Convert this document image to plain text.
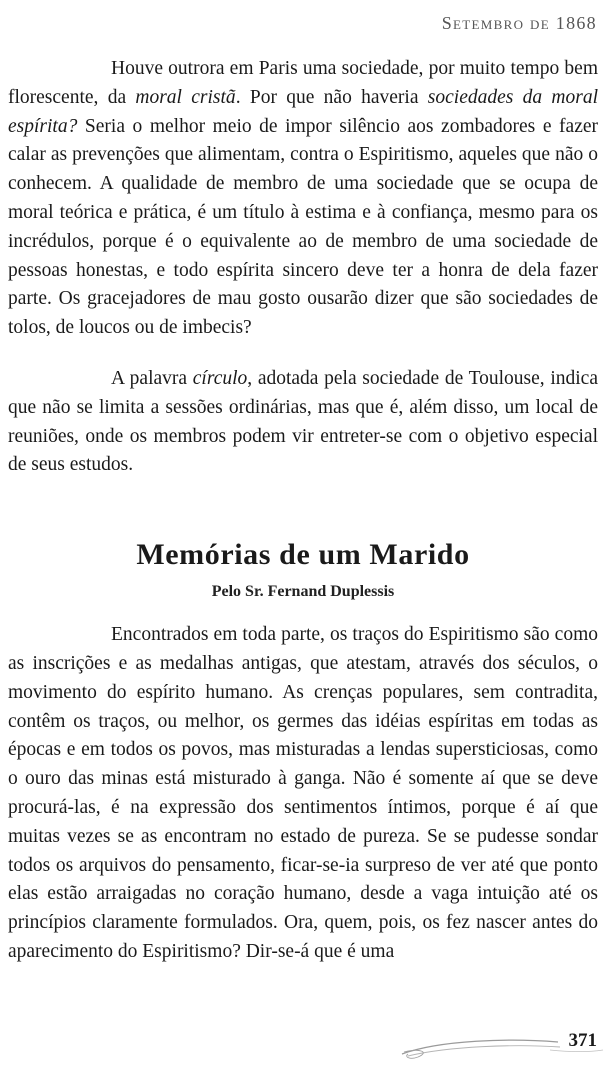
Setembro de 1868

Houve outrora em Paris uma sociedade, por muito tempo bem florescente, da moral cristã. Por que não haveria sociedades da moral espírita? Seria o melhor meio de impor silêncio aos zombadores e fazer calar as prevenções que alimentam, contra o Espiritismo, aqueles que não o conhecem. A qualidade de membro de uma sociedade que se ocupa de moral teórica e prática, é um título à estima e à confiança, mesmo para os incrédulos, porque é o equivalente ao de membro de uma sociedade de pessoas honestas, e todo espírita sincero deve ter a honra de dela fazer parte. Os gracejadores de mau gosto ousarão dizer que são sociedades de tolos, de loucos ou de imbecis?

A palavra círculo, adotada pela sociedade de Toulouse, indica que não se limita a sessões ordinárias, mas que é, além disso, um local de reuniões, onde os membros podem vir entreter-se com o objetivo especial de seus estudos.

Memórias de um Marido
Pelo Sr. Fernand Duplessis

Encontrados em toda parte, os traços do Espiritismo são como as inscrições e as medalhas antigas, que atestam, através dos séculos, o movimento do espírito humano. As crenças populares, sem contradita, contêm os traços, ou melhor, os germes das idéias espíritas em todas as épocas e em todos os povos, mas misturadas a lendas supersticiosas, como o ouro das minas está misturado à ganga. Não é somente aí que se deve procurá-las, é na expressão dos sentimentos íntimos, porque é aí que muitas vezes se as encontram no estado de pureza. Se se pudesse sondar todos os arquivos do pensamento, ficar-se-ia surpreso de ver até que ponto elas estão arraigadas no coração humano, desde a vaga intuição até os princípios claramente formulados. Ora, quem, pois, os fez nascer antes do aparecimento do Espiritismo? Dir-se-á que é uma

371
